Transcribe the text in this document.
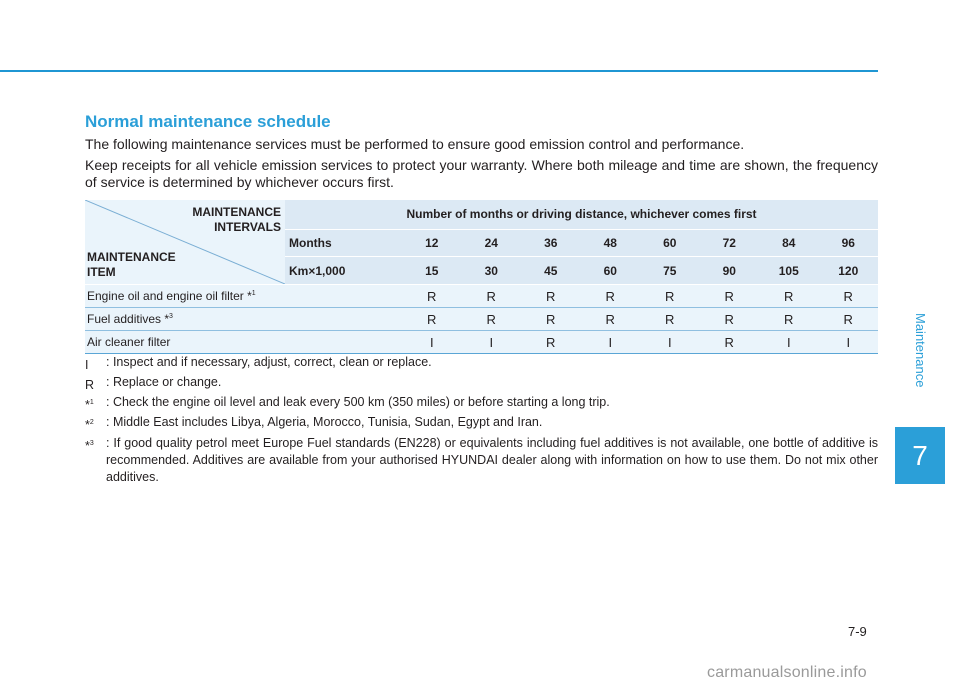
Normal maintenance schedule

The following maintenance services must be performed to ensure good emission control and performance.

Keep receipts for all vehicle emission services to protect your warranty. Where both mileage and time are shown, the frequency of service is determined by whichever occurs first.

MAINTENANCE
INTERVALS
MAINTENANCE
ITEM	Number of months or driving distance, whichever comes first								
	Months	12	24	36	48	60	72	84	96
	Km×1,000	15	30	45	60	75	90	105	120
Engine oil and engine oil filter *$^1$		R	R	R	R	R	R	R	R
Fuel additives *$^3$		R	R	R	R	R	R	R	R
Air cleaner filter		I	I	R	I	I	R	I	I
I	: Inspect and if necessary, adjust, correct, clean or replace.
R : Replace or change.
*$^1$ : Check the engine oil level and leak every 500 km (350 miles) or before starting a long trip.
*$^2$ : Middle East includes Libya, Algeria, Morocco, Tunisia, Sudan, Egypt and Iran.
*$^3$ : If good quality petrol meet Europe Fuel standards (EN228) or equivalents including fuel additives is not available, one bottle of additive is recommended. Additives are available from your authorised HYUNDAI dealer along with information on how to use them. Do not mix other additives.
Maintenance
7
7-9
carmanualsonline.info
